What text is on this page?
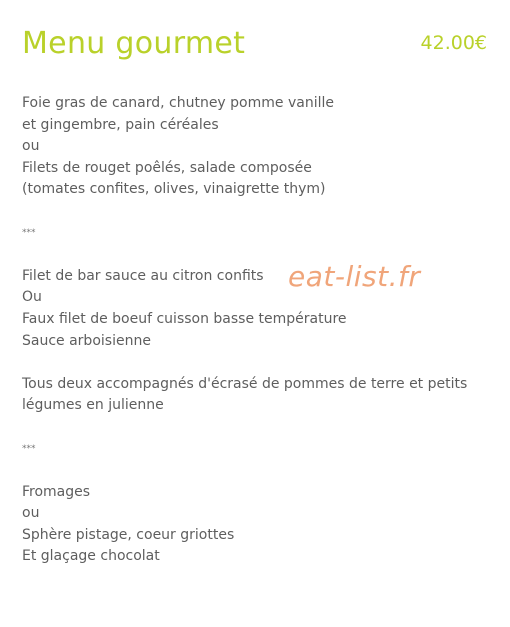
Menu gourmet	42.00€
Foie gras de canard, chutney pomme vanille
et gingembre, pain céréales
ou
Filets de rouget poêlés, salade composée
(tomates confites, olives, vinaigrette thym)
***
Filet de bar sauce au citron confits
Ou
Faux filet de boeuf cuisson basse température
Sauce arboisienne
Tous deux accompagnés d'écrasé de pommes de terre et petits
légumes en julienne
***
Fromages
ou
Sphère pistage, coeur griottes
Et glaçage chocolat
eat-list.fr
